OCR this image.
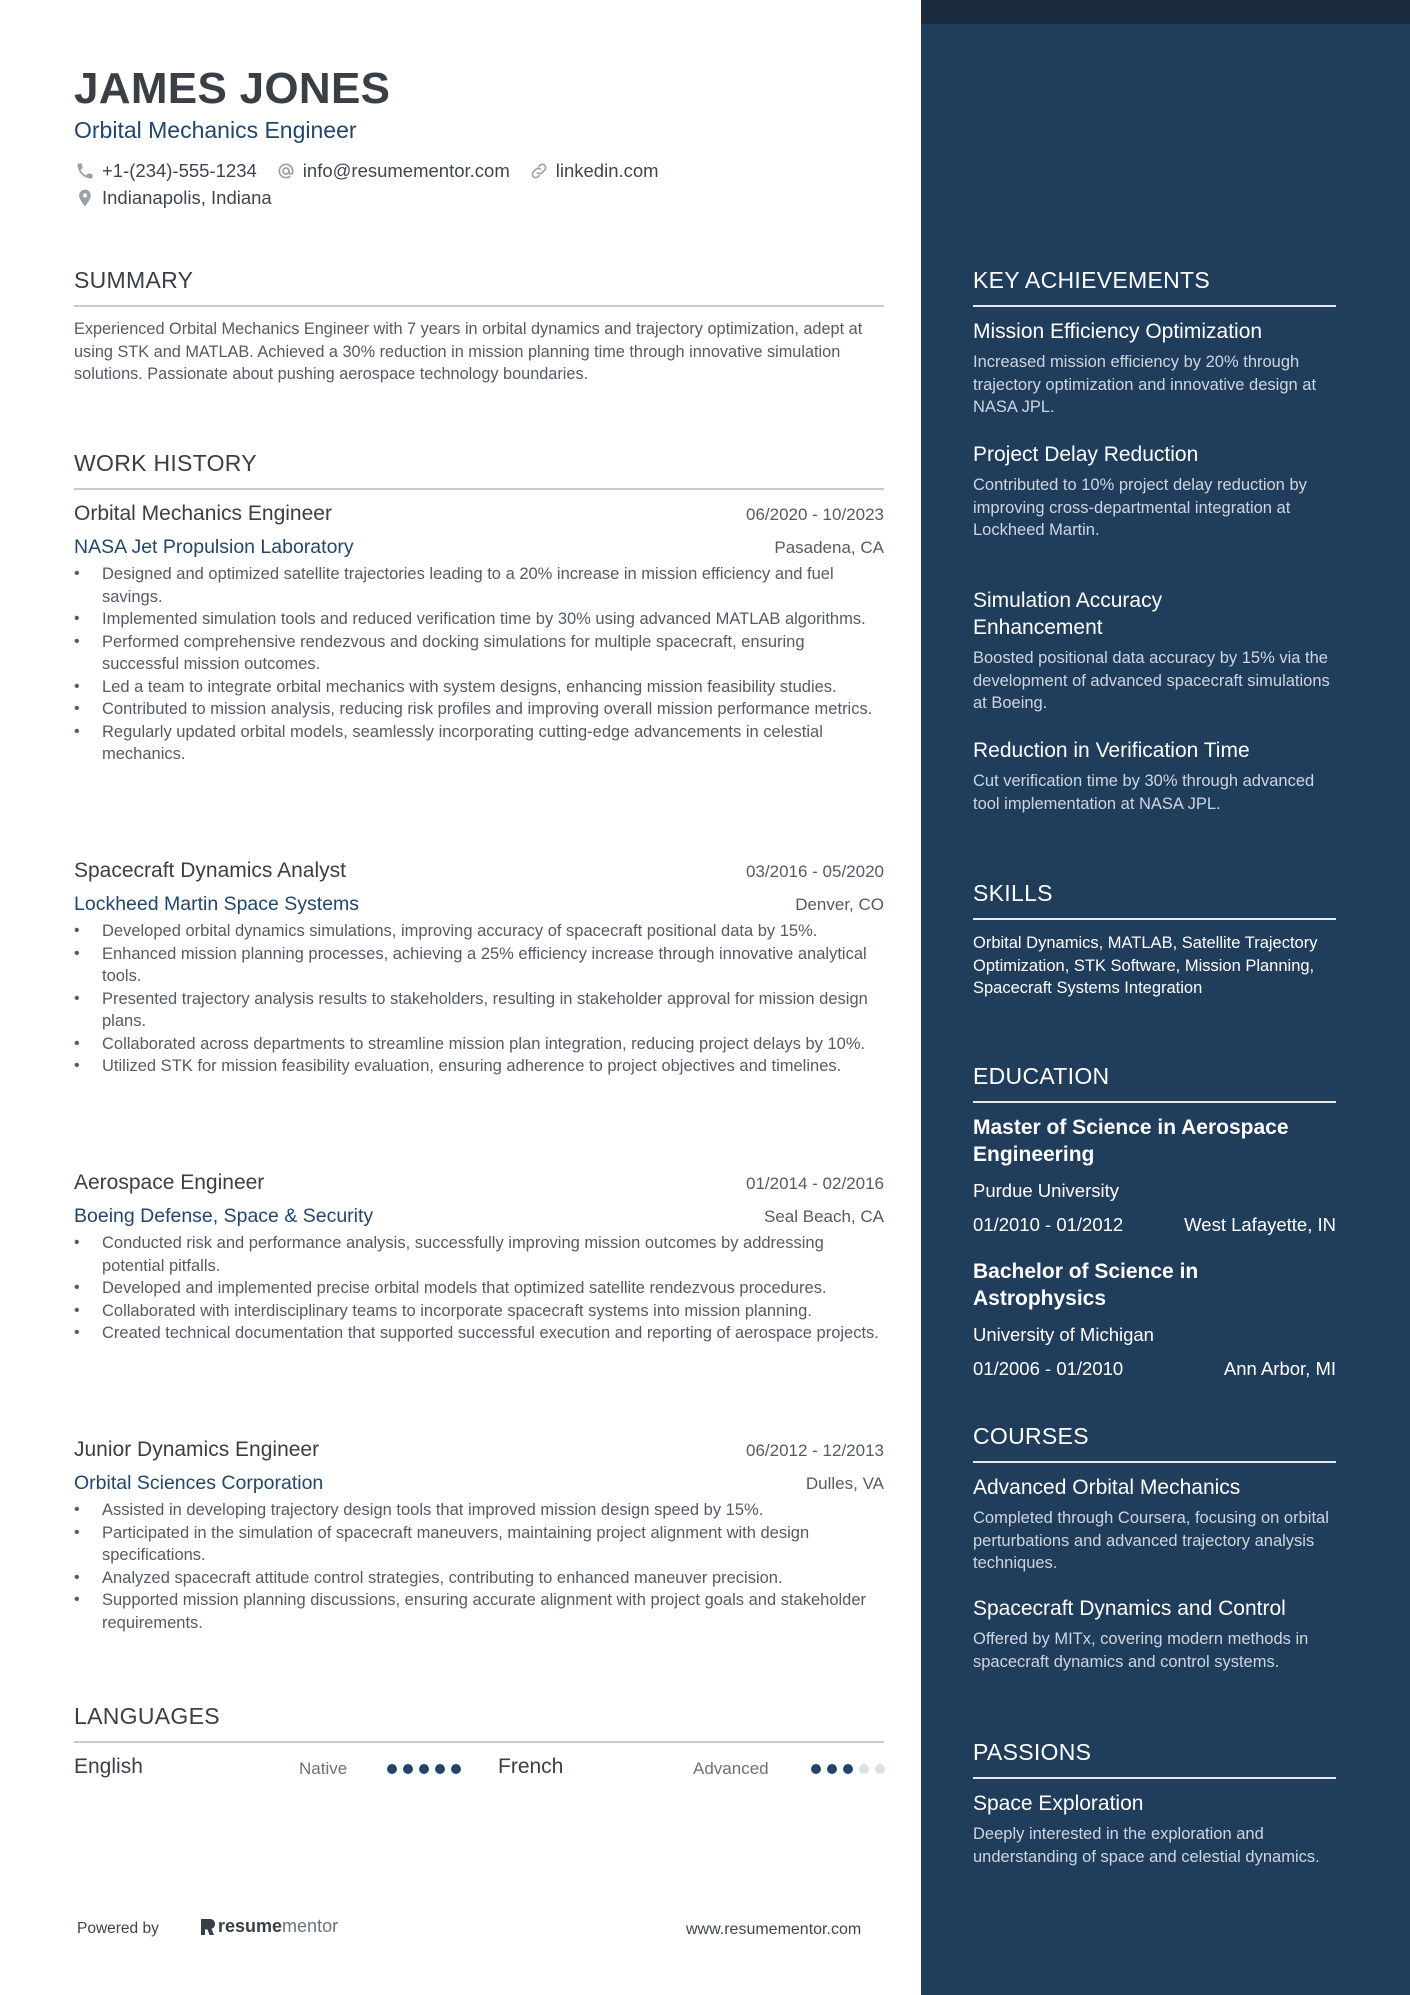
JAMES JONES
Orbital Mechanics Engineer
+1-(234)-555-1234 info@resumementor.com linkedin.com
Indianapolis, Indiana
SUMMARY
Experienced Orbital Mechanics Engineer with 7 years in orbital dynamics and trajectory optimization, adept at using STK and MATLAB. Achieved a 30% reduction in mission planning time through innovative simulation solutions. Passionate about pushing aerospace technology boundaries.
WORK HISTORY
Orbital Mechanics Engineer	06/2020 - 10/2023
NASA Jet Propulsion Laboratory	Pasadena, CA
• Designed and optimized satellite trajectories leading to a 20% increase in mission efficiency and fuel savings.
• Implemented simulation tools and reduced verification time by 30% using advanced MATLAB algorithms.
• Performed comprehensive rendezvous and docking simulations for multiple spacecraft, ensuring successful mission outcomes.
• Led a team to integrate orbital mechanics with system designs, enhancing mission feasibility studies.
• Contributed to mission analysis, reducing risk profiles and improving overall mission performance metrics.
• Regularly updated orbital models, seamlessly incorporating cutting-edge advancements in celestial mechanics.
Spacecraft Dynamics Analyst	03/2016 - 05/2020
Lockheed Martin Space Systems	Denver, CO
• Developed orbital dynamics simulations, improving accuracy of spacecraft positional data by 15%.
• Enhanced mission planning processes, achieving a 25% efficiency increase through innovative analytical tools.
• Presented trajectory analysis results to stakeholders, resulting in stakeholder approval for mission design plans.
• Collaborated across departments to streamline mission plan integration, reducing project delays by 10%.
• Utilized STK for mission feasibility evaluation, ensuring adherence to project objectives and timelines.
Aerospace Engineer	01/2014 - 02/2016
Boeing Defense, Space & Security	Seal Beach, CA
• Conducted risk and performance analysis, successfully improving mission outcomes by addressing potential pitfalls.
• Developed and implemented precise orbital models that optimized satellite rendezvous procedures.
• Collaborated with interdisciplinary teams to incorporate spacecraft systems into mission planning.
• Created technical documentation that supported successful execution and reporting of aerospace projects.
Junior Dynamics Engineer	06/2012 - 12/2013
Orbital Sciences Corporation	Dulles, VA
• Assisted in developing trajectory design tools that improved mission design speed by 15%.
• Participated in the simulation of spacecraft maneuvers, maintaining project alignment with design specifications.
• Analyzed spacecraft attitude control strategies, contributing to enhanced maneuver precision.
• Supported mission planning discussions, ensuring accurate alignment with project goals and stakeholder requirements.
LANGUAGES
English	Native	French	Advanced
Powered by	resume mentor	www.resumementor.com
KEY ACHIEVEMENTS
Mission Efficiency Optimization
Increased mission efficiency by 20% through trajectory optimization and innovative design at NASA JPL.
Project Delay Reduction
Contributed to 10% project delay reduction by improving cross-departmental integration at Lockheed Martin.
Simulation Accuracy Enhancement
Boosted positional data accuracy by 15% via the development of advanced spacecraft simulations at Boeing.
Reduction in Verification Time
Cut verification time by 30% through advanced tool implementation at NASA JPL.
SKILLS
Orbital Dynamics, MATLAB, Satellite Trajectory Optimization, STK Software, Mission Planning, Spacecraft Systems Integration
EDUCATION
Master of Science in Aerospace Engineering
Purdue University
01/2010 - 01/2012	West Lafayette, IN
Bachelor of Science in Astrophysics
University of Michigan
01/2006 - 01/2010	Ann Arbor, MI
COURSES
Advanced Orbital Mechanics
Completed through Coursera, focusing on orbital perturbations and advanced trajectory analysis techniques.
Spacecraft Dynamics and Control
Offered by MITx, covering modern methods in spacecraft dynamics and control systems.
PASSIONS
Space Exploration
Deeply interested in the exploration and understanding of space and celestial dynamics.
